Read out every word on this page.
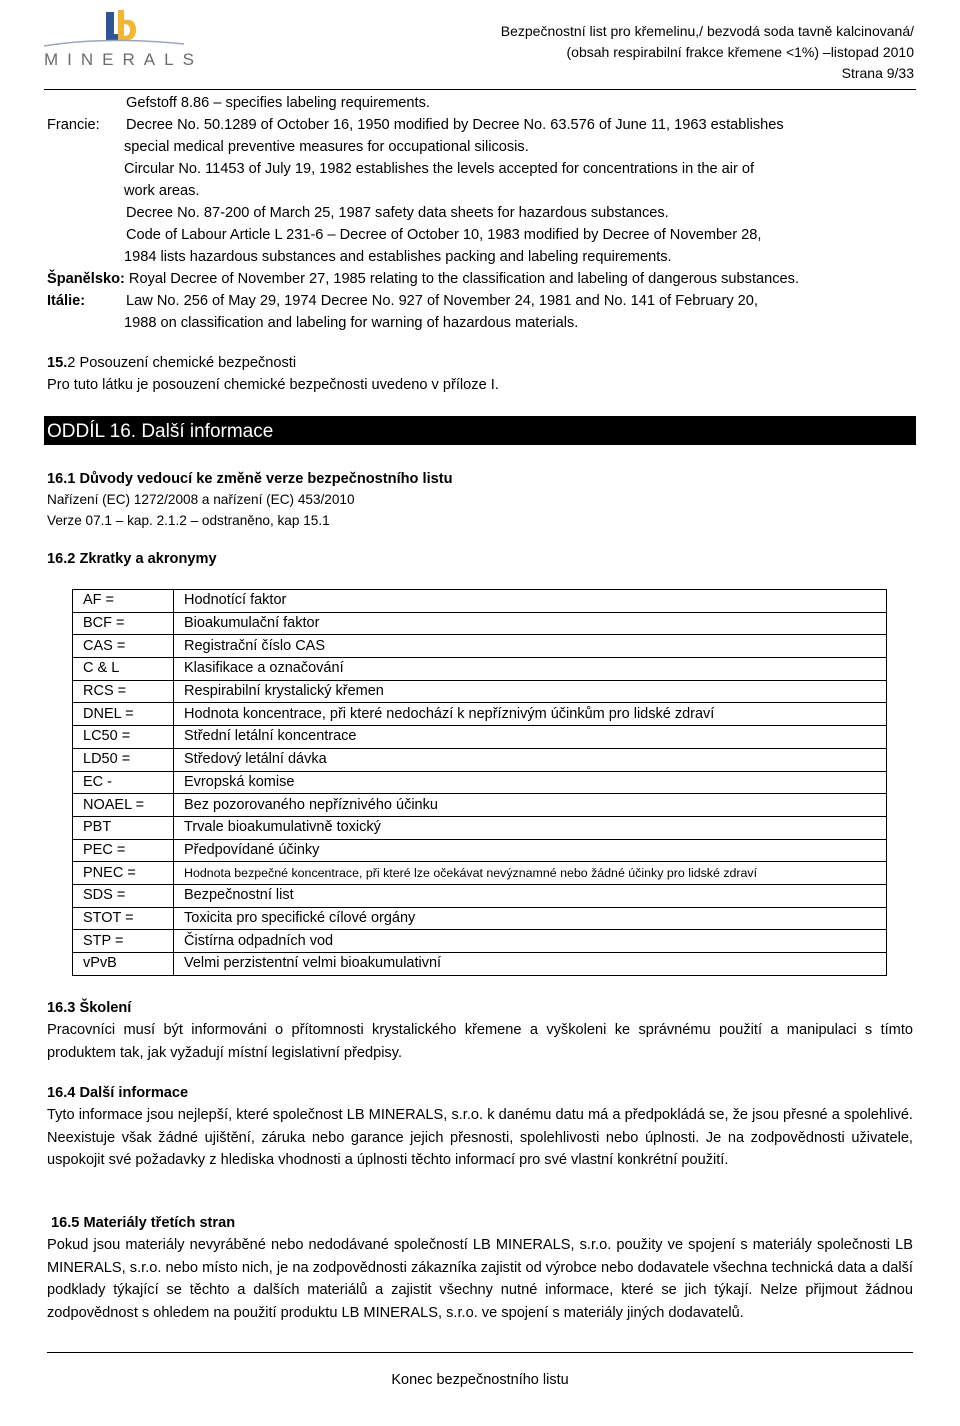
MINERALS
Bezpečnostní list pro křemelinu,/ bezvodá soda tavně kalcinovaná/
(obsah respirabilní frakce křemene <1%) –listopad 2010
Strana 9/33
Gefstoff 8.86 – specifies labeling requirements.
Francie: Decree No. 50.1289 of October 16, 1950 modified by Decree No. 63.576 of June 11, 1963 establishes
special medical preventive measures for occupational silicosis.
Circular No. 11453 of July 19, 1982 establishes the levels accepted for concentrations in the air of
work areas.
Decree No. 87-200 of March 25, 1987 safety data sheets for hazardous substances.
Code of Labour Article L 231-6 – Decree of October 10, 1983 modified by Decree of November 28,
1984 lists hazardous substances and establishes packing and labeling requirements.
Španělsko: Royal Decree of November 27, 1985 relating to the classification and labeling of dangerous substances.
Itálie:	Law No. 256 of May 29, 1974 Decree No. 927 of November 24, 1981 and No. 141 of February 20,
1988 on classification and labeling for warning of hazardous materials.
15.2 Posouzení chemické bezpečnosti
Pro tuto látku je posouzení chemické bezpečnosti uvedeno v příloze I.
ODDÍL 16. Další informace
16.1 Důvody vedoucí ke změně verze bezpečnostního listu
Nařízení (EC) 1272/2008 a nařízení (EC) 453/2010
Verze 07.1 – kap. 2.1.2 – odstraněno, kap 15.1
16.2 Zkratky a akronymy
AF =	Hodnotící faktor
BCF =	Bioakumulační faktor
CAS =	Registrační číslo CAS
C & L	Klasifikace a označování
RCS =	Respirabilní krystalický křemen
DNEL =	Hodnota koncentrace, při které nedochází k nepříznivým účinkům pro lidské zdraví
LC50 =	Střední letální koncentrace
LD50 =	Středový letální dávka
EC -	Evropská komise
NOAEL =	Bez pozorovaného nepříznivého účinku
PBT	Trvale bioakumulativně toxický
PEC =	Předpovídané účinky
PNEC =	Hodnota bezpečné koncentrace, při které lze očekávat nevýznamné nebo žádné účinky pro lidské zdraví
SDS =	Bezpečnostní list
STOT =	Toxicita pro specifické cílové orgány
STP =	Čistírna odpadních vod
vPvB	Velmi perzistentní velmi bioakumulativní
16.3 Školení
Pracovníci musí být informováni o přítomnosti krystalického křemene a vyškoleni ke správnému použití a manipulaci s tímto produktem tak, jak vyžadují místní legislativní předpisy.
16.4 Další informace
Tyto informace jsou nejlepší, které společnost LB MINERALS, s.r.o. k danému datu má a předpokládá se, že jsou přesné a spolehlivé. Neexistuje však žádné ujištění, záruka nebo garance jejich přesnosti, spolehlivosti nebo úplnosti. Je na zodpovědnosti uživatele, uspokojit své požadavky z hlediska vhodnosti a úplnosti těchto informací pro své vlastní konkrétní použití.
16.5 Materiály třetích stran
Pokud jsou materiály nevyráběné nebo nedodávané společností LB MINERALS, s.r.o. použity ve spojení s materiály společnosti LB MINERALS, s.r.o. nebo místo nich, je na zodpovědnosti zákazníka zajistit od výrobce nebo dodavatele všechna technická data a další podklady týkající se těchto a dalších materiálů a zajistit všechny nutné informace, které se jich týkají. Nelze přijmout žádnou zodpovědnost s ohledem na použití produktu LB MINERALS, s.r.o. ve spojení s materiály jiných dodavatelů.
Konec bezpečnostního listu
